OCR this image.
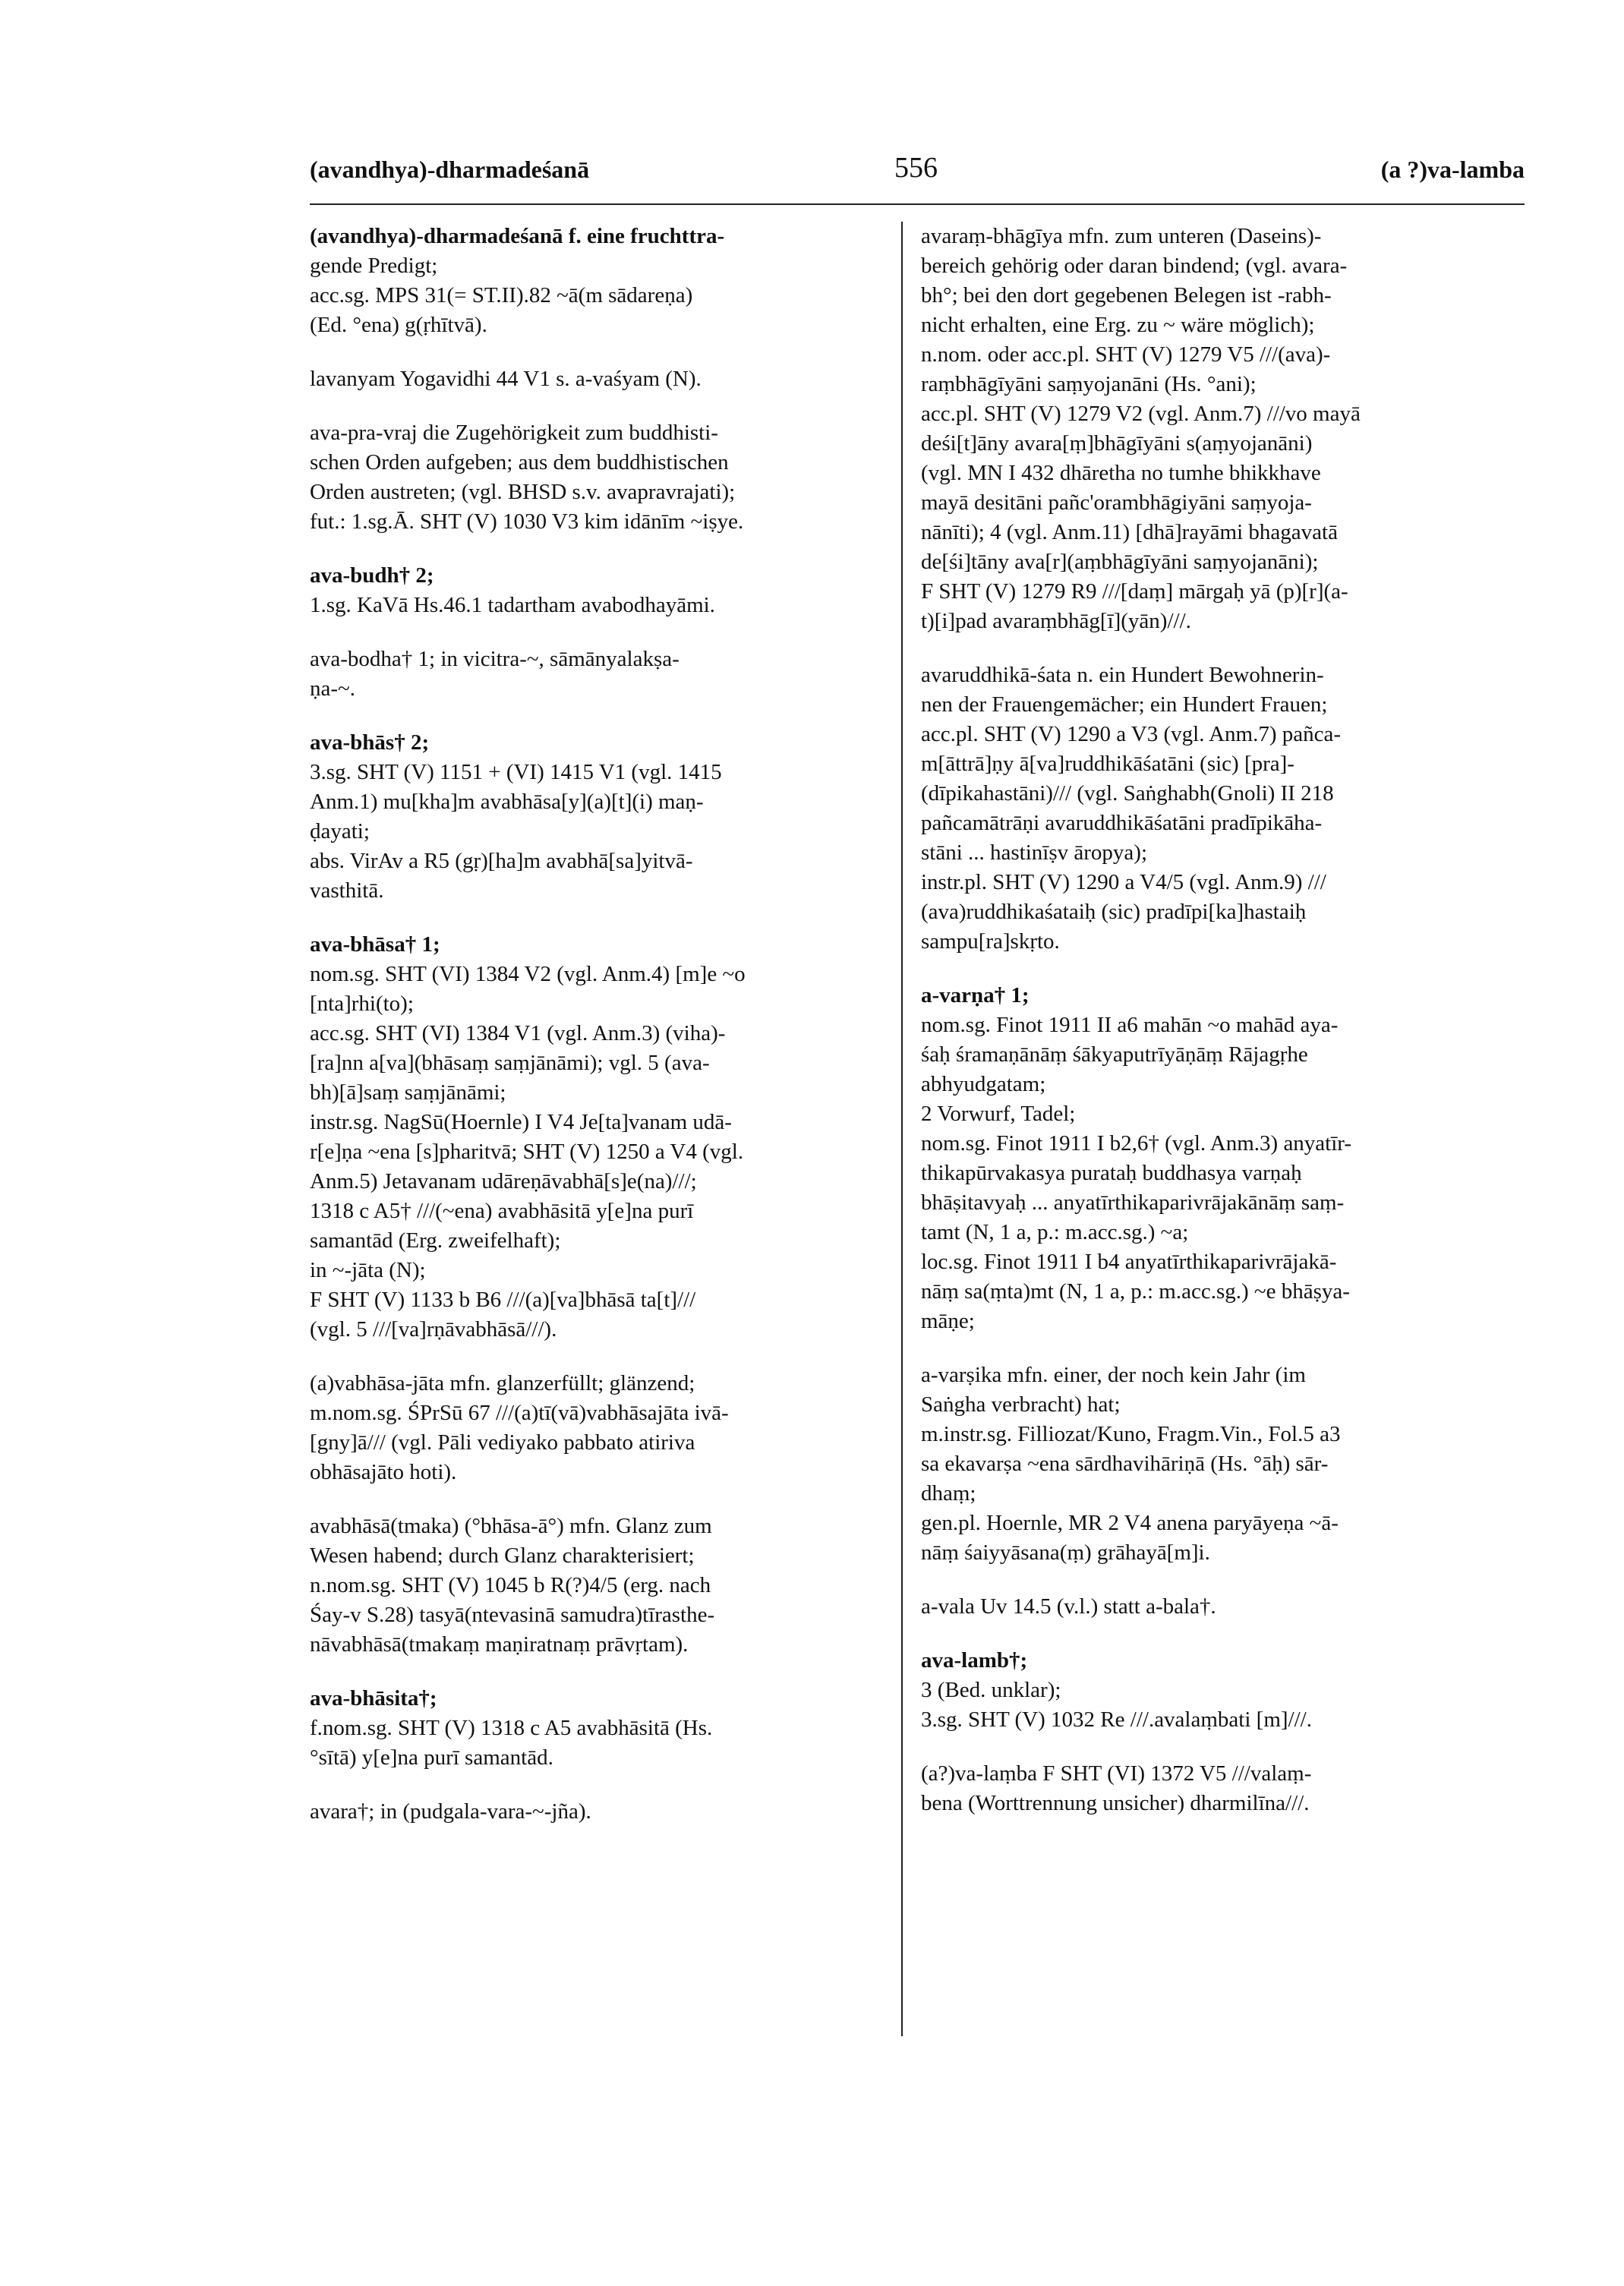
(avandhya)-dharmadeśanā	556	(a ?)va-lamba
(avandhya)-dharmadeśanā f. eine fruchttra-
gende Predigt;
acc.sg. MPS 31(= ST.II).82 ~ā(m sādareṇa)
(Ed. °ena) g(ṛhītvā).
lavanyam Yogavidhi 44 V1 s. a-vaśyam (N).
ava-pra-vraj die Zugehörigkeit zum buddhisti-
schen Orden aufgeben; aus dem buddhistischen
Orden austreten; (vgl. BHSD s.v. avapravrajati);
fut.: 1.sg.Ā. SHT (V) 1030 V3 kim idānīm ~iṣye.
ava-budh† 2;
1.sg. KaVā Hs.46.1 tadartham avabodhayāmi.
ava-bodha† 1; in vicitra-~, sāmānyalakṣa-
ṇa-~.
ava-bhās† 2;
3.sg. SHT (V) 1151 + (VI) 1415 V1 (vgl. 1415
Anm.1) mu[kha]m avabhāsa[y](a)[t](i) maṇ-
ḍayati;
abs. VirAv a R5 (gṛ)[ha]m avabhā[sa]yitvā-
vasthitā.
ava-bhāsa† 1;
nom.sg. SHT (VI) 1384 V2 (vgl. Anm.4) [m]e ~o
[nta]rhi(to);
acc.sg. SHT (VI) 1384 V1 (vgl. Anm.3) (viha)-
[ra]nn a[va](bhāsaṃ saṃjānāmi); vgl. 5 (ava-
bh)[ā]saṃ saṃjānāmi;
instr.sg. NagSū(Hoernle) I V4 Je[ta]vanam udā-
r[e]ṇa ~ena [s]pharitvā; SHT (V) 1250 a V4 (vgl.
Anm.5) Jetavanam udāreṇāvabhā[s]e(na)///;
1318 c A5† ///(~ena) avabhāsitā y[e]na purī
samantād (Erg. zweifelhaft);
in ~-jāta (N);
F SHT (V) 1133 b B6 ///(a)[va]bhāsā ta[t]///
(vgl. 5 ///[va]rṇāvabhāsā///).
(a)vabhāsa-jāta mfn. glanzerfüllt; glänzend;
m.nom.sg. ŚPrSū 67 ///(a)tī(vā)vabhāsajāta ivā-
[gny]ā/// (vgl. Pāli vediyako pabbato atiriva
obhāsajāto hoti).
avabhāsā(tmaka) (°bhāsa-ā°) mfn. Glanz zum
Wesen habend; durch Glanz charakterisiert;
n.nom.sg. SHT (V) 1045 b R(?)4/5 (erg. nach
Śay-v S.28) tasyā(ntevasinā samudra)tīrasthe-
nāvabhāsā(tmakaṃ maṇiratnaṃ prāvṛtam).
ava-bhāsita†;
f.nom.sg. SHT (V) 1318 c A5 avabhāsitā (Hs.
°sītā) y[e]na purī samantād.
avara†; in (pudgala-vara-~-jña).
avaraṃ-bhāgīya mfn. zum unteren (Daseins)-
bereich gehörig oder daran bindend; (vgl. avara-
bh°; bei den dort gegebenen Belegen ist -rabh-
nicht erhalten, eine Erg. zu ~ wäre möglich);
n.nom. oder acc.pl. SHT (V) 1279 V5 ///(ava)-
raṃbhāgīyāni saṃyojanāni (Hs. °ani);
acc.pl. SHT (V) 1279 V2 (vgl. Anm.7) ///vo mayā
deśi[t]āny avara[ṃ]bhāgīyāni s(aṃyojanāni)
(vgl. MN I 432 dhāretha no tumhe bhikkhave
mayā desitāni pañc'orambhāgiyāni saṃyoja-
nānīti); 4 (vgl. Anm.11) [dhā]rayāmi bhagavatā
de[śi]tāny ava[r](aṃbhāgīyāni saṃyojanāni);
F SHT (V) 1279 R9 ///[daṃ] mārgaḥ yā (p)[r](a-
t)[i]pad avaraṃbhāg[ī](yān)///.
avaruddhikā-śata n. ein Hundert Bewohnerin-
nen der Frauengemächer; ein Hundert Frauen;
acc.pl. SHT (V) 1290 a V3 (vgl. Anm.7) pañca-
m[āttrā]ṇy ā[va]ruddhikāśatāni (sic) [pra]-
(dīpikahastāni)/// (vgl. Saṅghabh(Gnoli) II 218
pañcamātrāṇi avaruddhikāśatāni pradīpikāha-
stāni ... hastinīṣv āropya);
instr.pl. SHT (V) 1290 a V4/5 (vgl. Anm.9) ///
(ava)ruddhikaśataiḥ (sic) pradīpi[ka]hastaiḥ
sampu[ra]skṛto.
a-varṇa† 1;
nom.sg. Finot 1911 II a6 mahān ~o mahād aya-
śaḥ śramaṇānāṃ śākyaputrīyāṇāṃ Rājagṛhe
abhyudgatam;
2 Vorwurf, Tadel;
nom.sg. Finot 1911 I b2,6† (vgl. Anm.3) anyatīr-
thikapūrvakasya purataḥ buddhasya varṇaḥ
bhāṣitavyaḥ ... anyatīrthikaparivrājakānāṃ saṃ-
tamt (N, 1 a, p.: m.acc.sg.) ~a;
loc.sg. Finot 1911 I b4 anyatīrthikaparivrājakā-
nāṃ sa(ṃta)mt (N, 1 a, p.: m.acc.sg.) ~e bhāṣya-
māṇe;
a-varṣika mfn. einer, der noch kein Jahr (im
Saṅgha verbracht) hat;
m.instr.sg. Filliozat/Kuno, Fragm.Vin., Fol.5 a3
sa ekavarṣa ~ena sārdhavihāriṇā (Hs. °āḥ) sār-
dhaṃ;
gen.pl. Hoernle, MR 2 V4 anena paryāyeṇa ~ā-
nāṃ śaiyyāsana(ṃ) grāhayā[m]i.
a-vala Uv 14.5 (v.l.) statt a-bala†.
ava-lamb†;
3 (Bed. unklar);
3.sg. SHT (V) 1032 Re ///.avalaṃbati [m]///.
(a?)va-laṃba F SHT (VI) 1372 V5 ///valaṃ-
bena (Worttrennung unsicher) dharmilīna///.
